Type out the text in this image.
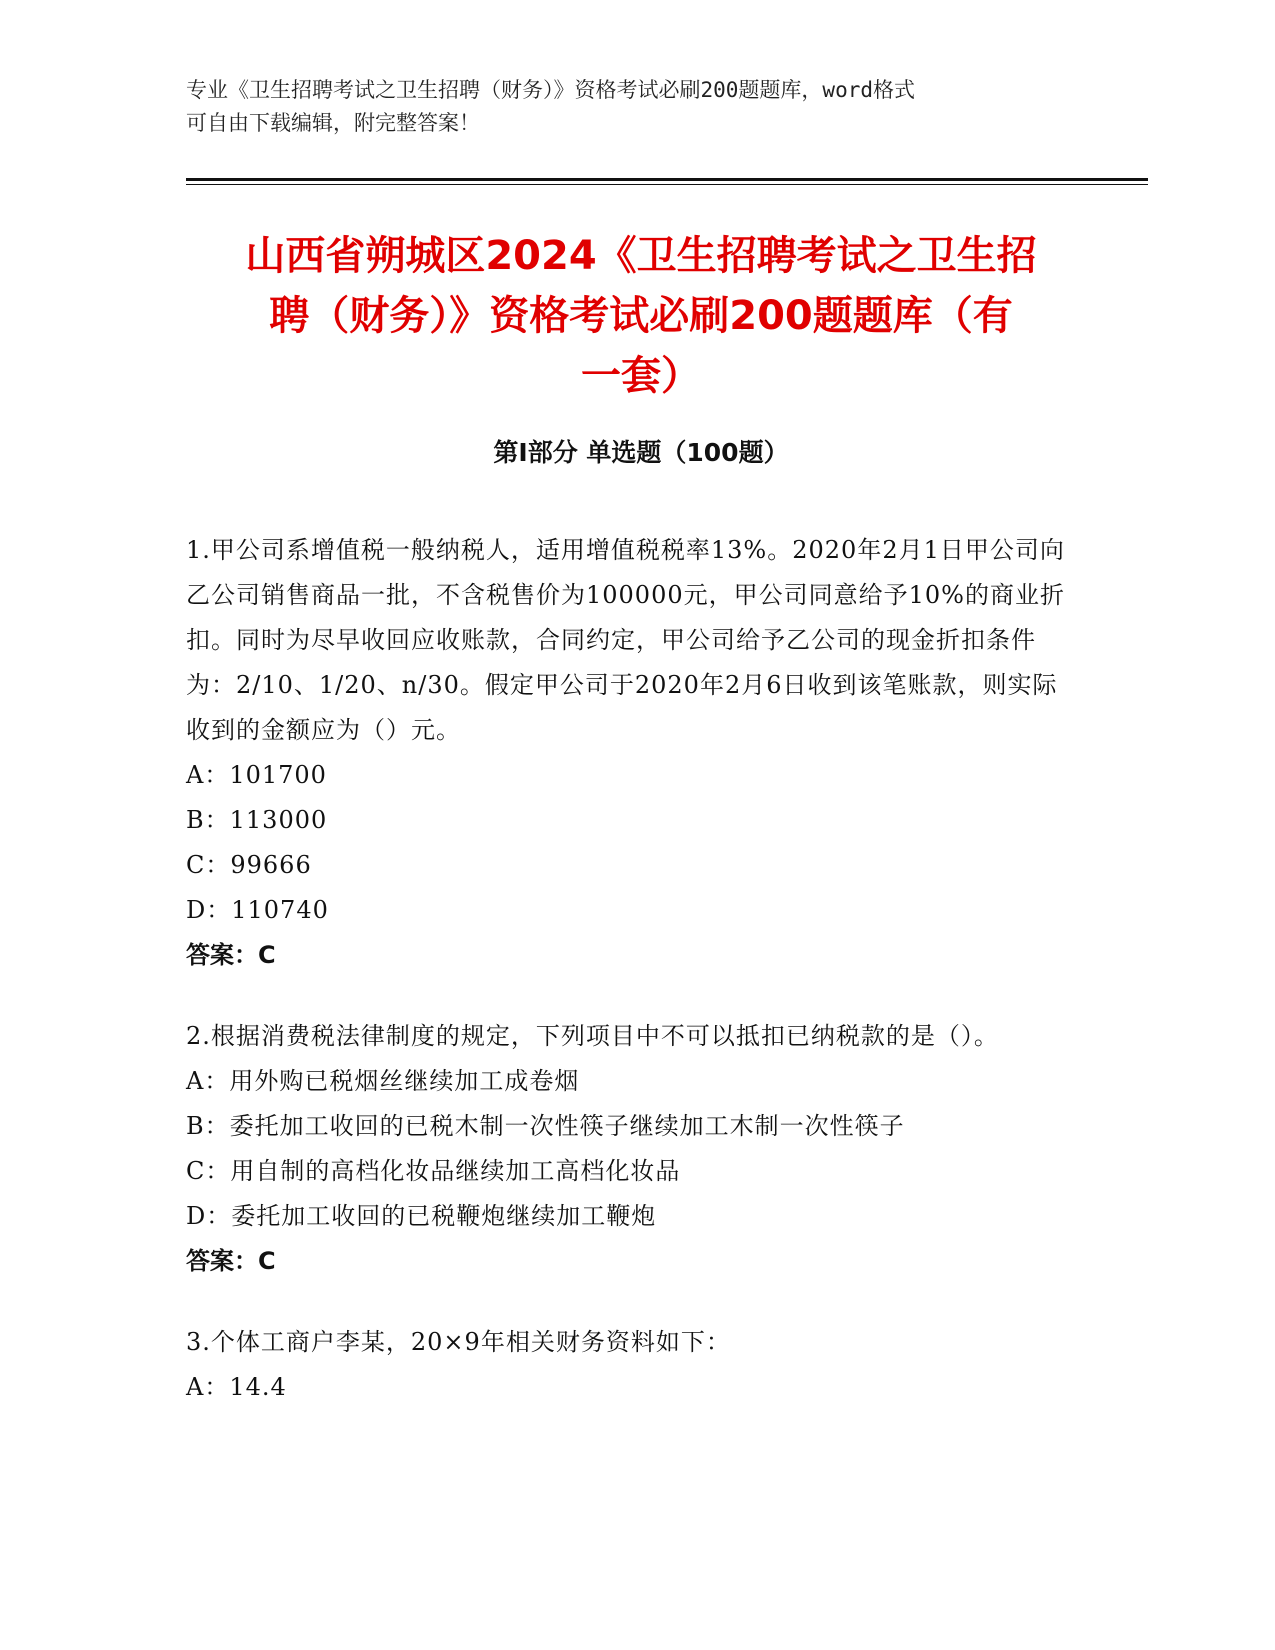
专业《卫生招聘考试之卫生招聘（财务）》资格考试必刷200题题库，word格式
可自由下载编辑，附完整答案！
山西省朔城区2024《卫生招聘考试之卫生招
聘（财务）》资格考试必刷200题题库（有
一套）
第Ⅰ部分 单选题（100题）
1.甲公司系增值税一般纳税人，适用增值税税率13%。2020年2月1日甲公司向乙公司销售商品一批，不含税售价为100000元，甲公司同意给予10%的商业折扣。同时为尽早收回应收账款，合同约定，甲公司给予乙公司的现金折扣条件为：2/10、1/20、n/30。假定甲公司于2020年2月6日收到该笔账款，则实际收到的金额应为（）元。
A：101700
B：113000
C：99666
D：110740
答案：C
2.根据消费税法律制度的规定，下列项目中不可以抵扣已纳税款的是（）。
A：用外购已税烟丝继续加工成卷烟
B：委托加工收回的已税木制一次性筷子继续加工木制一次性筷子
C：用自制的高档化妆品继续加工高档化妆品
D：委托加工收回的已税鞭炮继续加工鞭炮
答案：C
3.个体工商户李某，20×9年相关财务资料如下：
A：14.4
